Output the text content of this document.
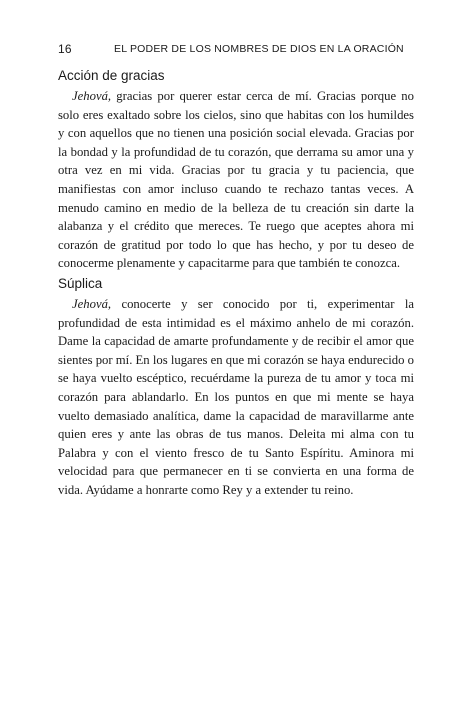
16	EL PODER DE LOS NOMBRES DE DIOS EN LA ORACIÓN
Acción de gracias

Jehová, gracias por querer estar cerca de mí. Gracias porque no solo eres exaltado sobre los cielos, sino que habitas con los humildes y con aquellos que no tienen una posición social elevada. Gracias por la bondad y la profundidad de tu corazón, que derrama su amor una y otra vez en mi vida. Gracias por tu gracia y tu paciencia, que manifiestas con amor incluso cuando te rechazo tantas veces. A menudo camino en medio de la belleza de tu creación sin darte la alabanza y el crédito que mereces. Te ruego que aceptes ahora mi corazón de gratitud por todo lo que has hecho, y por tu deseo de conocerme plenamente y capacitarme para que también te conozca.

Súplica

Jehová, conocerte y ser conocido por ti, experimentar la profundidad de esta intimidad es el máximo anhelo de mi corazón. Dame la capacidad de amarte profundamente y de recibir el amor que sientes por mí. En los lugares en que mi corazón se haya endurecido o se haya vuelto escéptico, recuérdame la pureza de tu amor y toca mi corazón para ablandarlo. En los puntos en que mi mente se haya vuelto demasiado analítica, dame la capacidad de maravillarme ante quien eres y ante las obras de tus manos. Deleita mi alma con tu Palabra y con el viento fresco de tu Santo Espíritu. Aminora mi velocidad para que permanecer en ti se convierta en una forma de vida. Ayúdame a honrarte como Rey y a extender tu reino.
